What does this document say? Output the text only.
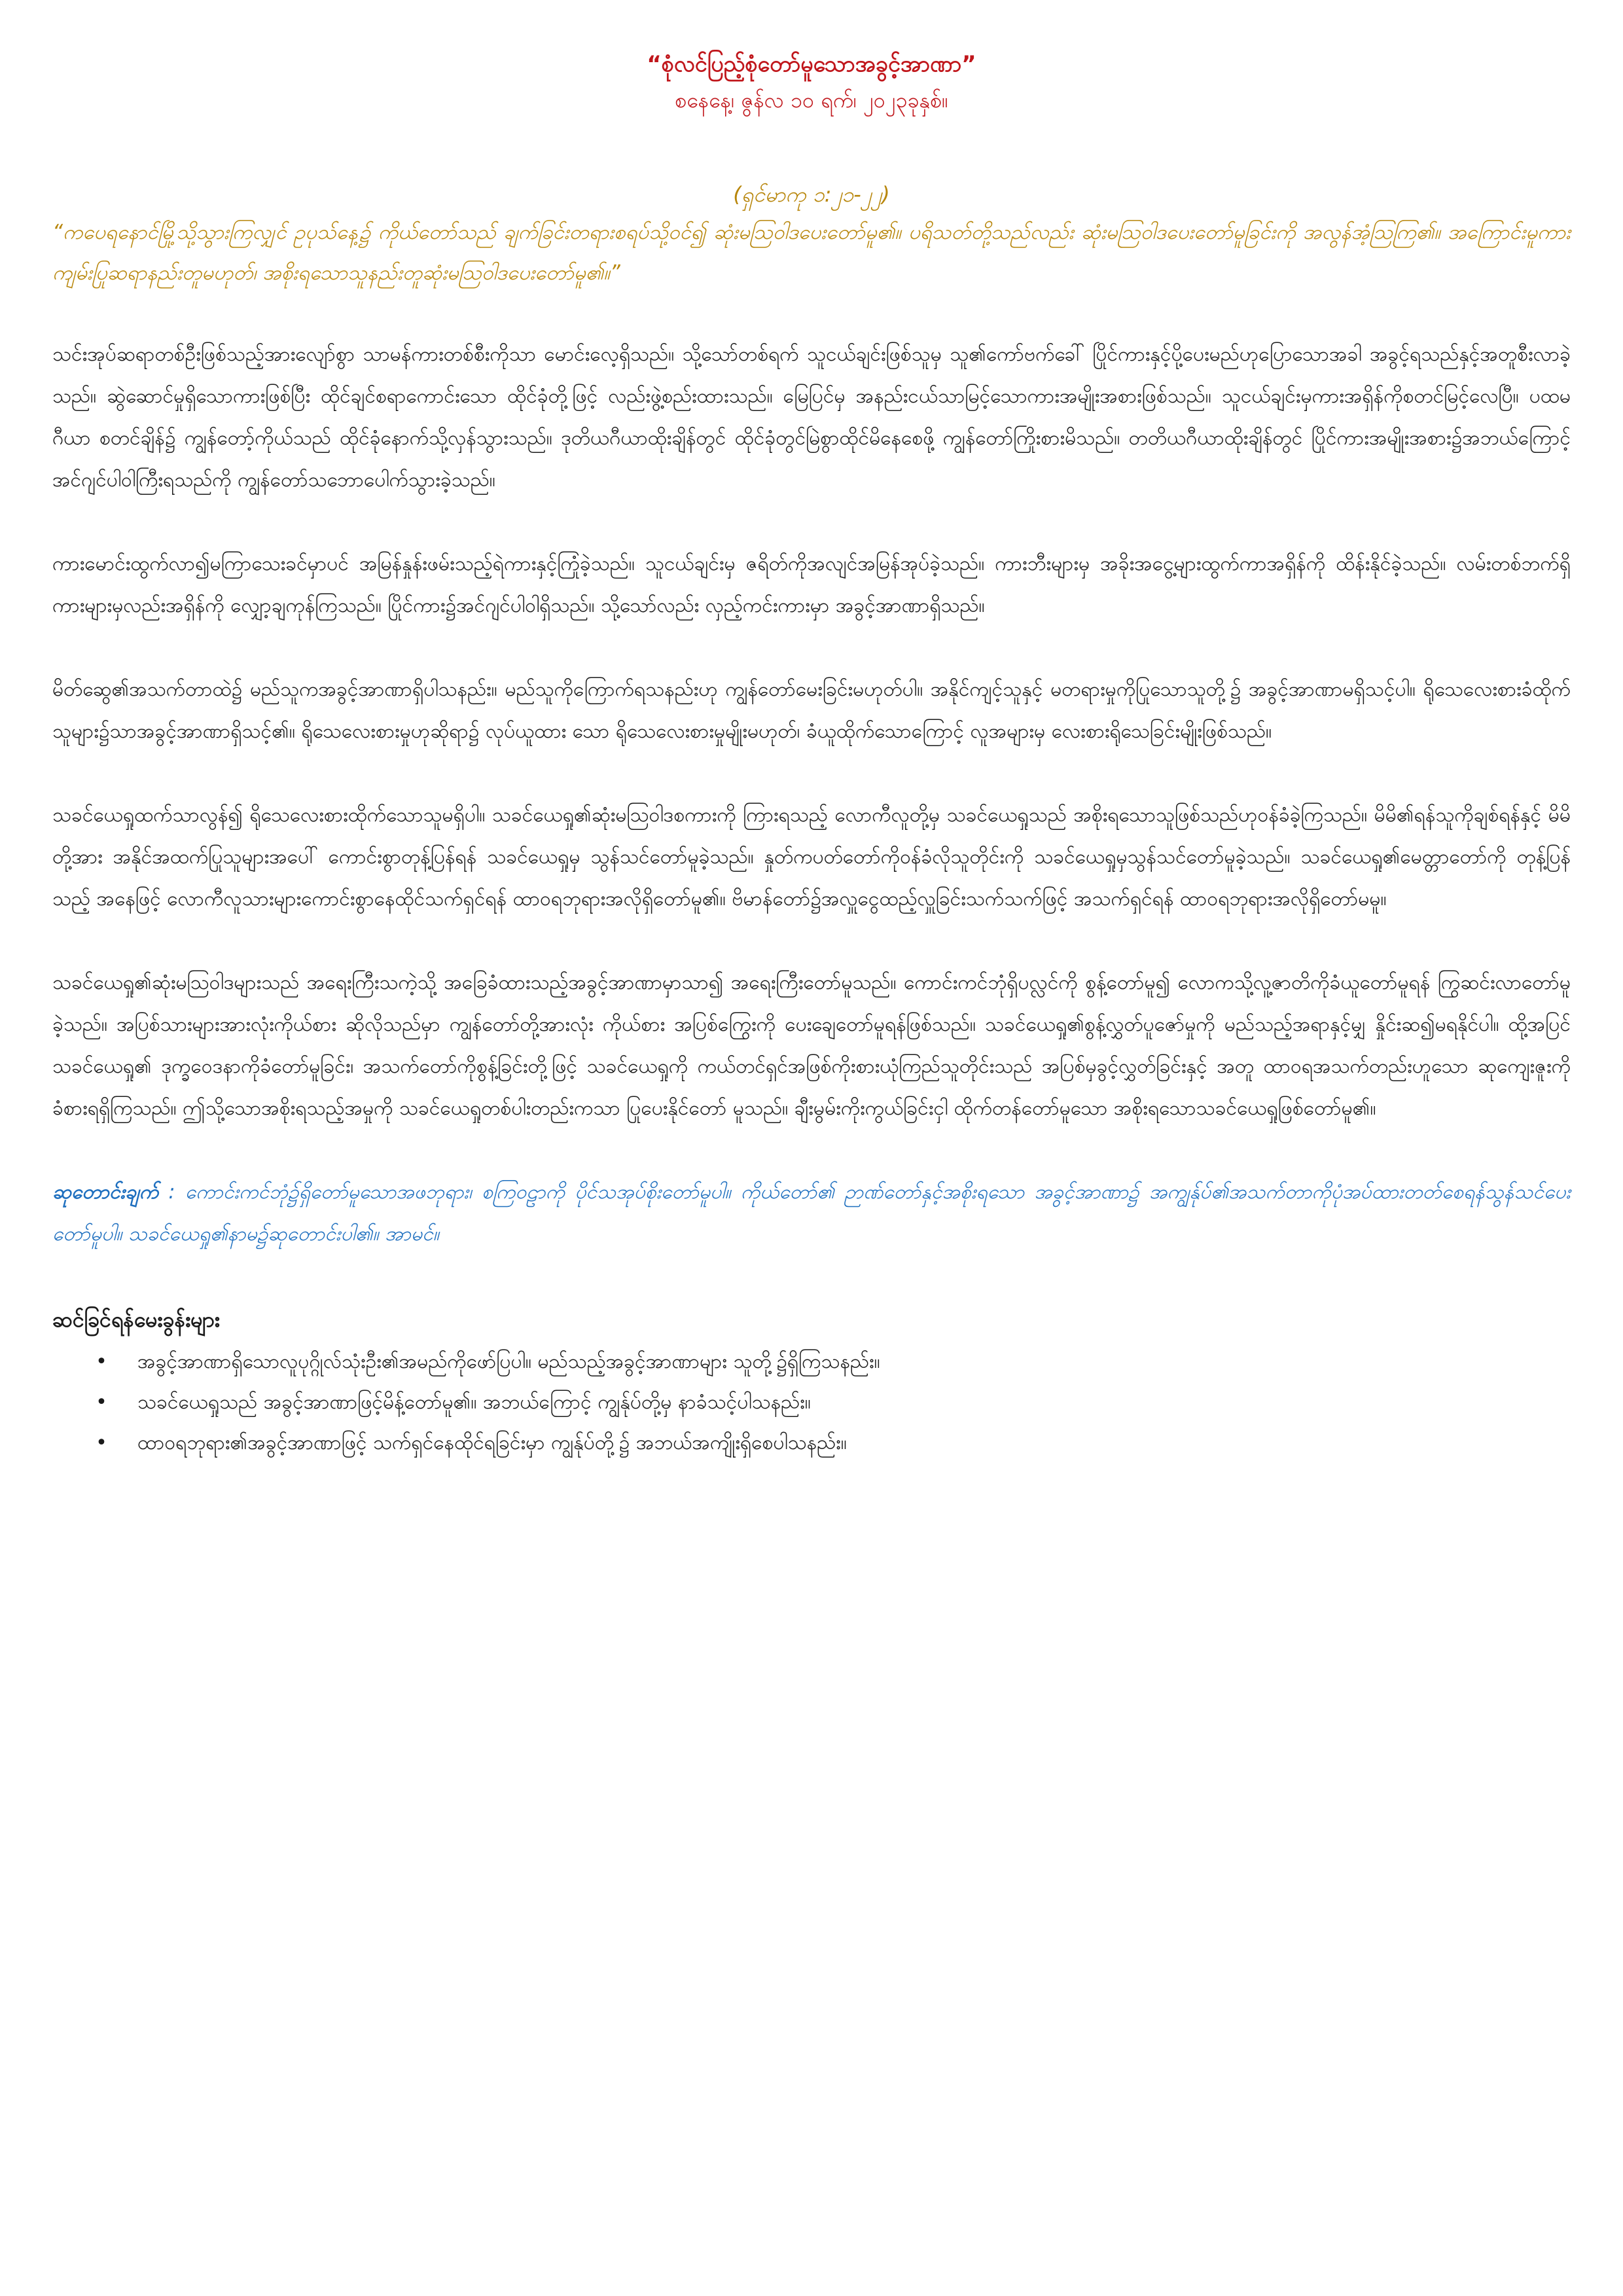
“စုံလင်ပြည့်စုံတော်မူသောအခွင့်အာဏာ”

စနေနေ့၊ ဇွန်လ ၁၀ ရက်၊ ၂၀၂၃ခုနှစ်။

(ရှင်မာကု ၁:၂၁-၂၂)

“ကပေရနောင်မြို့သို့သွားကြလျှင် ဥပုသ်နေ့၌ ကိုယ်တော်သည် ချက်ခြင်းတရားစရပ်သို့ဝင်၍ ဆုံးမသြဝါဒပေးတော်မူ၏။ ပရိသတ်တို့သည်လည်း ဆုံးမသြဝါဒပေးတော်မူခြင်းကို အလွန်အံ့သြကြ၏။ အကြောင်းမူကား ကျမ်းပြုဆရာနည်းတူမဟုတ်၊ အစိုးရသောသူနည်းတူဆုံးမသြဝါဒပေးတော်မူ၏။”

သင်းအုပ်ဆရာတစ်ဦးဖြစ်သည့်အားလျော်စွာ သာမန်ကားတစ်စီးကိုသာ မောင်းလေ့ရှိသည်။ သို့သော်တစ်ရက် သူငယ်ချင်းဖြစ်သူမှ သူ၏ကော်ဗက်ခေါ် ပြိုင်ကားနှင့်ပို့ပေးမည်ဟုပြောသောအခါ အခွင့်ရသည်နှင့်အတူစီးလာခဲ့သည်။ ဆွဲဆောင်မှုရှိသောကားဖြစ်ပြီး ထိုင်ချင်စရာကောင်းသော ထိုင်ခုံတို့ဖြင့် လည်းဖွဲ့စည်းထားသည်။ မြေပြင်မှ အနည်းငယ်သာမြင့်သောကားအမျိုးအစားဖြစ်သည်။ သူငယ်ချင်းမှကားအရှိန်ကိုစတင်မြင့်လေပြီ။ ပထမဂီယာ စတင်ချိန်၌ ကျွန်တော့်ကိုယ်သည် ထိုင်ခုံနောက်သို့လှန်သွားသည်။ ဒုတိယဂီယာထိုးချိန်တွင် ထိုင်ခုံတွင်မြဲစွာထိုင်မိနေစေဖို့ ကျွန်တော်ကြိုးစားမိသည်။ တတိယဂီယာထိုးချိန်တွင် ပြိုင်ကားအမျိုးအစား၌အဘယ်ကြောင့် အင်ဂျင်ပါဝါကြီးရသည်ကို ကျွန်တော်သဘောပေါက်သွားခဲ့သည်။

ကားမောင်းထွက်လာ၍မကြာသေးခင်မှာပင် အမြန်နှုန်းဖမ်းသည့်ရဲကားနှင့်ကြုံခဲ့သည်။ သူငယ်ချင်းမှ ဇရိတ်ကိုအလျင်အမြန်အုပ်ခဲ့သည်။ ကားဘီးများမှ အခိုးအငွေ့များထွက်ကာအရှိန်ကို ထိန်းနိုင်ခဲ့သည်။ လမ်းတစ်ဘက်ရှိကားများမှလည်းအရှိန်ကို လျှော့ချကုန်ကြသည်။ ပြိုင်ကား၌အင်ဂျင်ပါဝါရှိသည်။ သို့သော်လည်း လှည့်ကင်းကားမှာ အခွင့်အာဏာရှိသည်။

မိတ်ဆွေ၏အသက်တာထဲ၌ မည်သူကအခွင့်အာဏာရှိပါသနည်း။ မည်သူကိုကြောက်ရသနည်းဟု ကျွန်တော်မေးခြင်းမဟုတ်ပါ။ အနိုင်ကျင့်သူနှင့် မတရားမှုကိုပြုသောသူတို့၌ အခွင့်အာဏာမရှိသင့်ပါ။ ရိုသေလေးစားခံထိုက်သူများ၌သာအခွင့်အာဏာရှိသင့်၏။ ရိုသေလေးစားမှုဟုဆိုရာ၌ လုပ်ယူထား သော ရိုသေလေးစားမှုမျိုးမဟုတ်၊ ခံယူထိုက်သောကြောင့် လူအများမှ လေးစားရိုသေခြင်းမျိုးဖြစ်သည်။

သခင်ယေရှုထက်သာလွန်၍ ရိုသေလေးစားထိုက်သောသူမရှိပါ။ သခင်ယေရှု၏ဆုံးမသြဝါဒစကားကို ကြားရသည့် လောကီလူတို့မှ သခင်ယေရှုသည် အစိုးရသောသူဖြစ်သည်ဟုဝန်ခံခဲ့ကြသည်။ မိမိ၏ရန်သူကိုချစ်ရန်နှင့် မိမိတို့အား အနိုင်အထက်ပြုသူများအပေါ် ကောင်းစွာတုန့်ပြန်ရန် သခင်ယေရှုမှ သွန်သင်တော်မူခဲ့သည်။ နှုတ်ကပတ်တော်ကိုဝန်ခံလိုသူတိုင်းကို သခင်ယေရှုမှသွန်သင်တော်မူခဲ့သည်။ သခင်ယေရှု၏မေတ္တာတော်ကို တုန့်ပြန်သည့် အနေဖြင့် လောကီလူသားများကောင်းစွာနေထိုင်သက်ရှင်ရန် ထာဝရဘုရားအလိုရှိတော်မူ၏။ ဗိမာန်တော်၌အလှူငွေထည့်လှူခြင်းသက်သက်ဖြင့် အသက်ရှင်ရန် ထာဝရဘုရားအလိုရှိတော်မမူ။

သခင်ယေရှု၏ဆုံးမသြဝါဒများသည် အရေးကြီးသကဲ့သို့ အခြေခံထားသည့်အခွင့်အာဏာမှာသာ၍ အရေးကြီးတော်မူသည်။ ကောင်းကင်ဘုံရှိပလ္လင်ကို စွန့်တော်မူ၍ လောကသို့လူ့ဇာတိကိုခံယူတော်မူရန် ကြွဆင်းလာတော်မူခဲ့သည်။ အပြစ်သားများအားလုံးကိုယ်စား ဆိုလိုသည်မှာ ကျွန်တော်တို့အားလုံး ကိုယ်စား အပြစ်ကြွေးကို ပေးချေတော်မူရန်ဖြစ်သည်။ သခင်ယေရှု၏စွန့်လွှတ်ပူဇော်မှုကို မည်သည့်အရာနှင့်မျှ နှိုင်းဆ၍မရနိုင်ပါ။ ထို့အပြင် သခင်ယေရှု၏ ဒုက္ခဝေဒနာကိုခံတော်မူခြင်း၊ အသက်တော်ကိုစွန့်ခြင်းတို့ဖြင့် သခင်ယေရှုကို ကယ်တင်ရှင်အဖြစ်ကိုးစားယုံကြည်သူတိုင်းသည် အပြစ်မှခွင့်လွှတ်ခြင်းနှင့် အတူ ထာဝရအသက်တည်းဟူသော ဆုကျေးဇူးကိုခံစားရရှိကြသည်။ ဤသို့သောအစိုးရသည့်အမှုကို သခင်ယေရှုတစ်ပါးတည်းကသာ ပြုပေးနိုင်တော် မူသည်။ ချီးမွမ်းကိုးကွယ်ခြင်းငှါ ထိုက်တန်တော်မူသော အစိုးရသောသခင်ယေရှုဖြစ်တော်မူ၏။

ဆုတောင်းချက် : ကောင်းကင်ဘုံ၌ရှိတော်မူသောအဖဘုရား၊ စကြဝဠာကို ပိုင်သအုပ်စိုးတော်မူပါ။ ကိုယ်တော်၏ ဉာဏ်တော်နှင့်အစိုးရသော အခွင့်အာဏာ၌ အကျွန်ုပ်၏အသက်တာကိုပုံအပ်ထားတတ်စေရန်သွန်သင်ပေးတော်မူပါ။ သခင်ယေရှု၏နာမ၌ဆုတောင်းပါ၏။ အာမင်။

ဆင်ခြင်ရန်မေးခွန်းများ

• အခွင့်အာဏာရှိသောလူပုဂ္ဂိုလ်သုံးဦး၏အမည်ကိုဖော်ပြပါ။ မည်သည့်အခွင့်အာဏာများ သူတို့၌ရှိကြသနည်း။
• သခင်ယေရှုသည် အခွင့်အာဏာဖြင့်မိန့်တော်မူ၏။ အဘယ်ကြောင့် ကျွန်ုပ်တို့မှ နာခံသင့်ပါသနည်း။
• ထာဝရဘုရား၏အခွင့်အာဏာဖြင့် သက်ရှင်နေထိုင်ရခြင်းမှာ ကျွန်ုပ်တို့၌ အဘယ်အကျိုးရှိစေပါသနည်း။
